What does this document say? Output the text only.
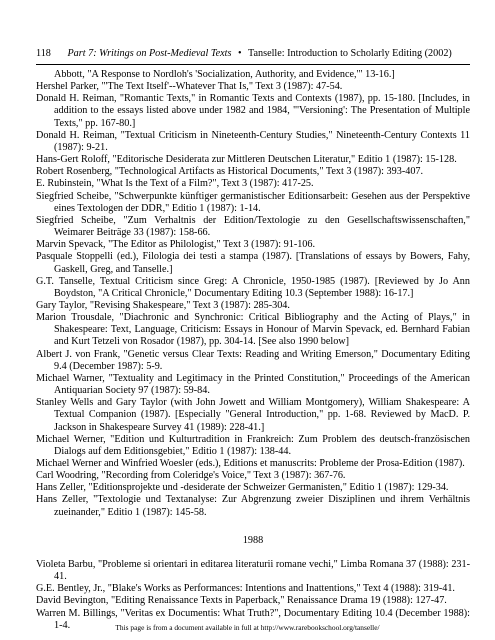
118 Part 7: Writings on Post-Medieval Texts • Tanselle: Introduction to Scholarly Editing (2002)
Abbott, "A Response to Nordloh's 'Socialization, Authority, and Evidence,'" 13-16.]
Hershel Parker, "'The Text Itself'--Whatever That Is," Text 3 (1987): 47-54.
Donald H. Reiman, "Romantic Texts," in Romantic Texts and Contexts (1987), pp. 15-180. [Includes, in addition to the essays listed above under 1982 and 1984, "'Versioning': The Presentation of Multiple Texts," pp. 167-80.]
Donald H. Reiman, "Textual Criticism in Nineteenth-Century Studies," Nineteenth-Century Contexts 11 (1987): 9-21.
Hans-Gert Roloff, "Editorische Desiderata zur Mittleren Deutschen Literatur," Editio 1 (1987): 15-128.
Robert Rosenberg, "Technological Artifacts as Historical Documents," Text 3 (1987): 393-407.
E. Rubinstein, "What Is the Text of a Film?", Text 3 (1987): 417-25.
Siegfried Scheibe, "Schwerpunkte künftiger germanistischer Editionsarbeit: Gesehen aus der Perspektive eines Textologen der DDR," Editio 1 (1987): 1-14.
Siegfried Scheibe, "Zum Verhaltnis der Edition/Textologie zu den Gesellschaftswissenschaften," Weimarer Beiträge 33 (1987): 158-66.
Marvin Spevack, "The Editor as Philologist," Text 3 (1987): 91-106.
Pasquale Stoppelli (ed.), Filologia dei testi a stampa (1987). [Translations of essays by Bowers, Fahy, Gaskell, Greg, and Tanselle.]
G.T. Tanselle, Textual Criticism since Greg: A Chronicle, 1950-1985 (1987). [Reviewed by Jo Ann Boydston, "A Critical Chronicle," Documentary Editing 10.3 (September 1988): 16-17.]
Gary Taylor, "Revising Shakespeare," Text 3 (1987): 285-304.
Marion Trousdale, "Diachronic and Synchronic: Critical Bibliography and the Acting of Plays," in Shakespeare: Text, Language, Criticism: Essays in Honour of Marvin Spevack, ed. Bernhard Fabian and Kurt Tetzeli von Rosador (1987), pp. 304-14. [See also 1990 below]
Albert J. von Frank, "Genetic versus Clear Texts: Reading and Writing Emerson," Documentary Editing 9.4 (December 1987): 5-9.
Michael Warner, "Textuality and Legitimacy in the Printed Constitution," Proceedings of the American Antiquarian Society 97 (1987): 59-84.
Stanley Wells and Gary Taylor (with John Jowett and William Montgomery), William Shakespeare: A Textual Companion (1987). [Especially "General Introduction," pp. 1-68. Reviewed by MacD. P. Jackson in Shakespeare Survey 41 (1989): 228-41.]
Michael Werner, "Edition und Kulturtradition in Frankreich: Zum Problem des deutsch-französischen Dialogs auf dem Editionsgebiet," Editio 1 (1987): 138-44.
Michael Werner and Winfried Woesler (eds.), Editions et manuscrits: Probleme der Prosa-Edition (1987).
Carl Woodring, "Recording from Coleridge's Voice," Text 3 (1987): 367-76.
Hans Zeller, "Editionsprojekte und -desiderate der Schweizer Germanisten," Editio 1 (1987): 129-34.
Hans Zeller, "Textologie und Textanalyse: Zur Abgrenzung zweier Disziplinen und ihrem Verhältnis zueinander," Editio 1 (1987): 145-58.
1988
Violeta Barbu, "Probleme si orientari in editarea literaturii romane vechi," Limba Romana 37 (1988): 231-41.
G.E. Bentley, Jr., "Blake's Works as Performances: Intentions and Inattentions," Text 4 (1988): 319-41.
David Bevington, "Editing Renaissance Texts in Paperback," Renaissance Drama 19 (1988): 127-47.
Warren M. Billings, "Veritas ex Documentis: What Truth?", Documentary Editing 10.4 (December 1988): 1-4.	This page is from a document available in full at http://www.rarebookschool.org/tanselle/
